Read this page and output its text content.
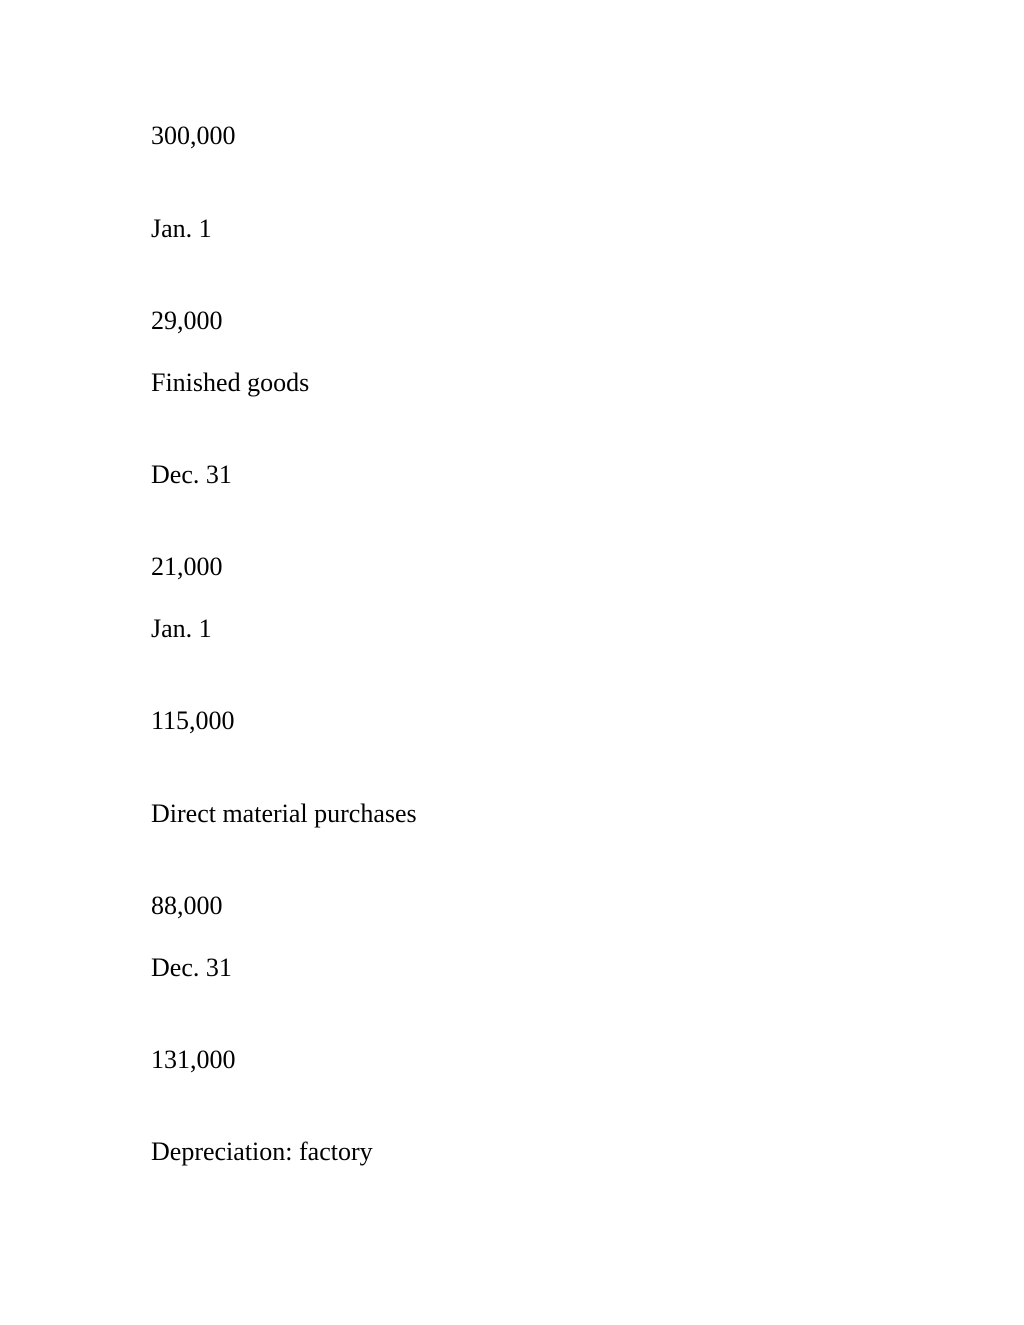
300,000

Jan. 1

29,000

Finished goods

Dec. 31

21,000

Jan. 1

115,000

Direct material purchases

88,000

Dec. 31

131,000

Depreciation: factory
